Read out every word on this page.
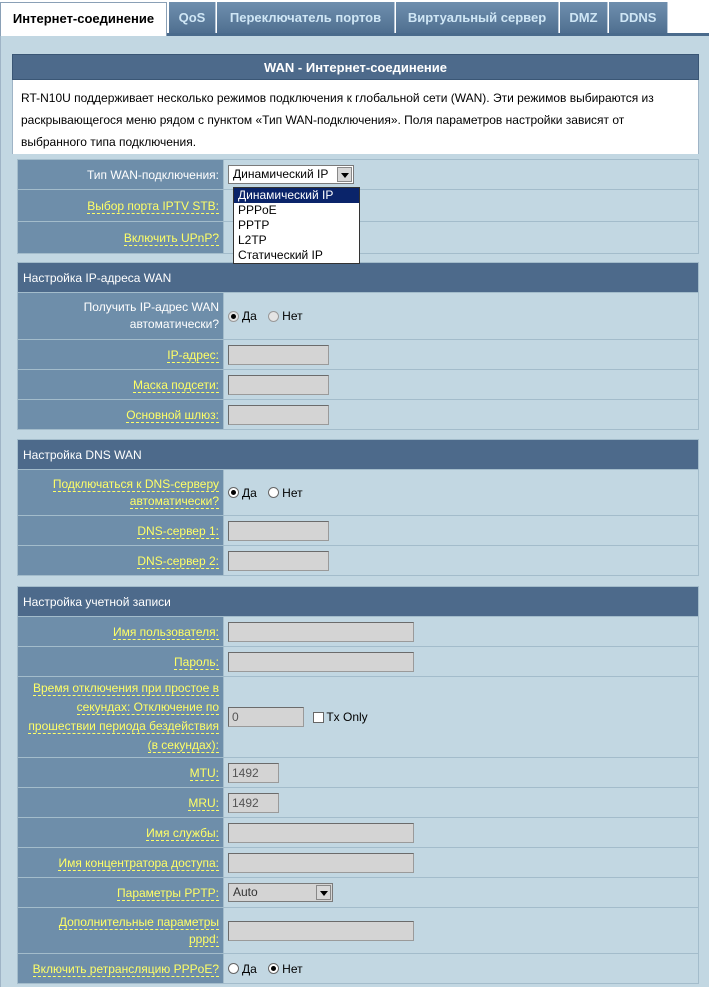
Интернет-соединение	QoS	Переключатель портов	Виртуальный сервер	DMZ	DDNS
WAN - Интернет-соединение
RT-N10U поддерживает несколько режимов подключения к глобальной сети (WAN). Эти режимов выбираются из раскрывающегося меню рядом с пунктом «Тип WAN-подключения». Поля параметров настройки зависят от выбранного типа подключения.
Тип WAN-подключения:	Динамический IP

Выбор порта IPTV STB:	
Включить UPnP?	
Динамический IP
PPPoE
PPTP
L2TP
Статический IP
Настройка IP-адреса WAN	
Получить IP-адрес WAN автоматически?	Да Нет
IP-адрес:	
Маска подсети:	
Основной шлюз:	
Настройка DNS WAN	
Подключаться к DNS-серверу автоматически?	Да Нет
DNS-сервер 1:	
DNS-сервер 2:	
Настройка учетной записи	
Имя пользователя:	
Пароль:	
Время отключения при простое в секундах: Отключение по прошествии периода бездействия (в секундах):	0 Tx Only
MTU:	1492
MRU:	1492
Имя службы:	
Имя концентратора доступа:	
Параметры PPTP:	Auto

Дополнительные параметры pppd:	
Включить ретрансляцию PPPoE?	Да Нет
